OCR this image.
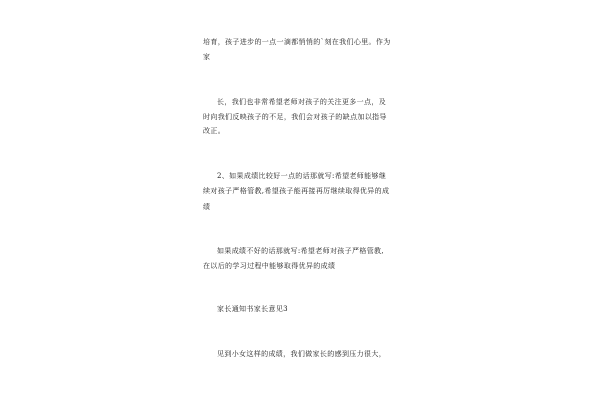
培育，孩子进步的一点一滴都悄悄的`刻在我们心里。作为
家
长，我们也非常希望老师对孩子的关注更多一点，及
时向我们反映孩子的不足，我们会对孩子的缺点加以指导
改正。
2、如果成绩比较好一点的话那就写:希望老师能够继
续对孩子严格管教,希望孩子能再接再厉继续取得优异的成
绩
如果成绩不好的话那就写:希望老师对孩子严格管教,
在以后的学习过程中能够取得优异的成绩
家长通知书家长意见3
见到小女这样的成绩，我们做家长的感到压力很大，
